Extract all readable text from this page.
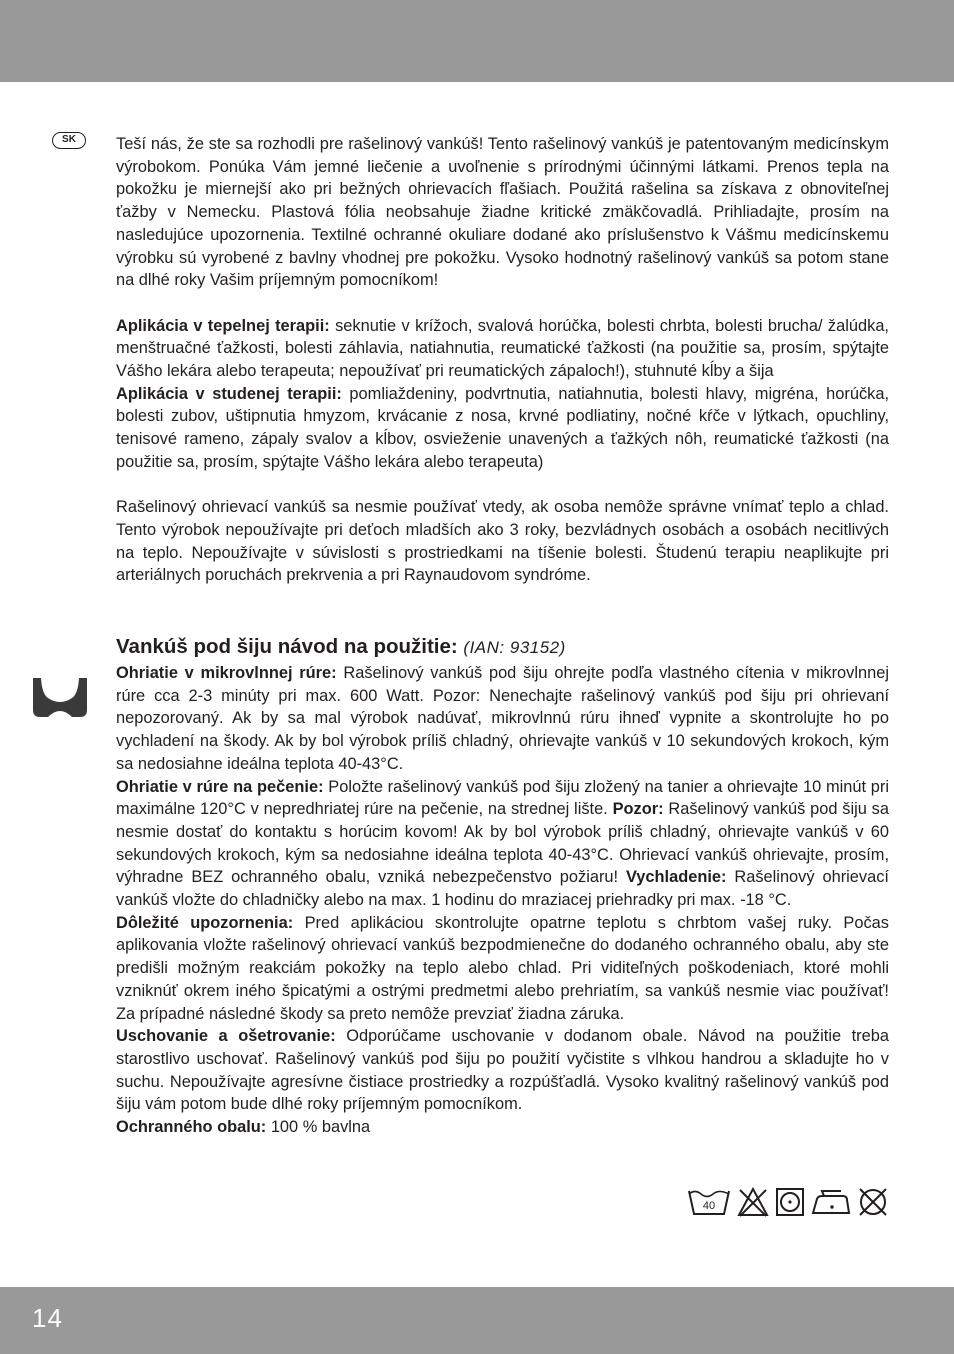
SK	Teší nás, že ste sa rozhodli pre rašelinový vankúš! Tento rašelinový vankúš je patentovaným medicínskym výrobokom. Ponúka Vám jemné liečenie a uvoľnenie s prírodnými účinnými látkami. Prenos tepla na pokožku je miernejší ako pri bežných ohrievacích fľašiach. Použitá rašelina sa získava z obnoviteľnej ťažby v Nemecku. Plastová fólia neobsahuje žiadne kritické zmäkčovadlá. Prihliadajte, prosím na nasledujúce upozornenia. Textilné ochranné okuliare dodané ako príslušenstvo k Vášmu medicínskemu výrobku sú vyrobené z bavlny vhodnej pre pokožku. Vysoko hodnotný rašelinový vankúš sa potom stane na dlhé roky Vašim príjemným pomocníkom!

Aplikácia v tepelnej terapii: seknutie v krížoch, svalová horúčka, bolesti chrbta, bolesti brucha/ žalúdka, menštruačné ťažkosti, bolesti záhlavia, natiahnutia, reumatické ťažkosti (na použitie sa, prosím, spýtajte Vášho lekára alebo terapeuta; nepoužívať pri reumatických zápaloch!), stuhnuté kĺby a šija

Aplikácia v studenej terapii: pomliaždeniny, podvrtnutia, natiahnutia, bolesti hlavy, migréna, horúčka, bolesti zubov, uštipnutia hmyzom, krvácanie z nosa, krvné podliatiny, nočné kŕče v lýtkach, opuchliny, tenisové rameno, zápaly svalov a kĺbov, osvieženie unavených a ťažkých nôh, reumatické ťažkosti (na použitie sa, prosím, spýtajte Vášho lekára alebo terapeuta)

Rašelinový ohrievací vankúš sa nesmie používať vtedy, ak osoba nemôže správne vnímať teplo a chlad. Tento výrobok nepoužívajte pri deťoch mladších ako 3 roky, bezvládnych osobách a osobách necitlivých na teplo. Nepoužívajte v súvislosti s prostriedkami na tíšenie bolesti. Študenú terapiu neaplikujte pri arteriálnych poruchách prekrvenia a pri Raynaudovom syndróme.

Vankúš pod šiju návod na použitie: (IAN: 93152)

Ohriatie v mikrovlnnej rúre: Rašelinový vankúš pod šiju ohrejte podľa vlastného cítenia v mikrovlnnej rúre cca 2-3 minúty pri max. 600 Watt. Pozor: Nenechajte rašelinový vankúš pod šiju pri ohrievaní nepozorovaný. Ak by sa mal výrobok nadúvať, mikrovlnnú rúru ihneď vypnite a skontrolujte ho po vychladení na škody. Ak by bol výrobok príliš chladný, ohrievajte vankúš v 10 sekundových krokoch, kým sa nedosiahne ideálna teplota 40-43°C.

Ohriatie v rúre na pečenie: Položte rašelinový vankúš pod šiju zložený na tanier a ohrievajte 10 minút pri maximálne 120°C v nepredhriatej rúre na pečenie, na strednej lište. Pozor: Rašelinový vankúš pod šiju sa nesmie dostať do kontaktu s horúcim kovom! Ak by bol výrobok príliš chladný, ohrievajte vankúš v 60 sekundových krokoch, kým sa nedosiahne ideálna teplota 40-43°C. Ohrievací vankúš ohrievajte, prosím, výhradne BEZ ochranného obalu, vzniká nebezpečenstvo požiaru! Vychladenie: Rašelinový ohrievací vankúš vložte do chladničky alebo na max. 1 hodinu do mraziacej priehradky pri max. -18 °C.

Dôležité upozornenia: Pred aplikáciou skontrolujte opatrne teplotu s chrbtom vašej ruky. Počas aplikovania vložte rašelinový ohrievací vankúš bezpodmienečne do dodaného ochranného obalu, aby ste predišli možným reakciám pokožky na teplo alebo chlad. Pri viditeľných poškodeniach, ktoré mohli vzniknúť okrem iného špicatými a ostrými predmetmi alebo prehriatím, sa vankúš nesmie viac používať! Za prípadné následné škody sa preto nemôže prevziať žiadna záruka.

Uschovanie a ošetrovanie: Odporúčame uschovanie v dodanom obale. Návod na použitie treba starostlivo uschovať. Rašelinový vankúš pod šiju po použití vyčistite s vlhkou handrou a skladujte ho v suchu. Nepoužívajte agresívne čistiace prostriedky a rozpúšťadlá. Vysoko kvalitný rašelinový vankúš pod šiju vám potom bude dlhé roky príjemným pomocníkom.

Ochranného obalu: 100 % bavlna

40
14
